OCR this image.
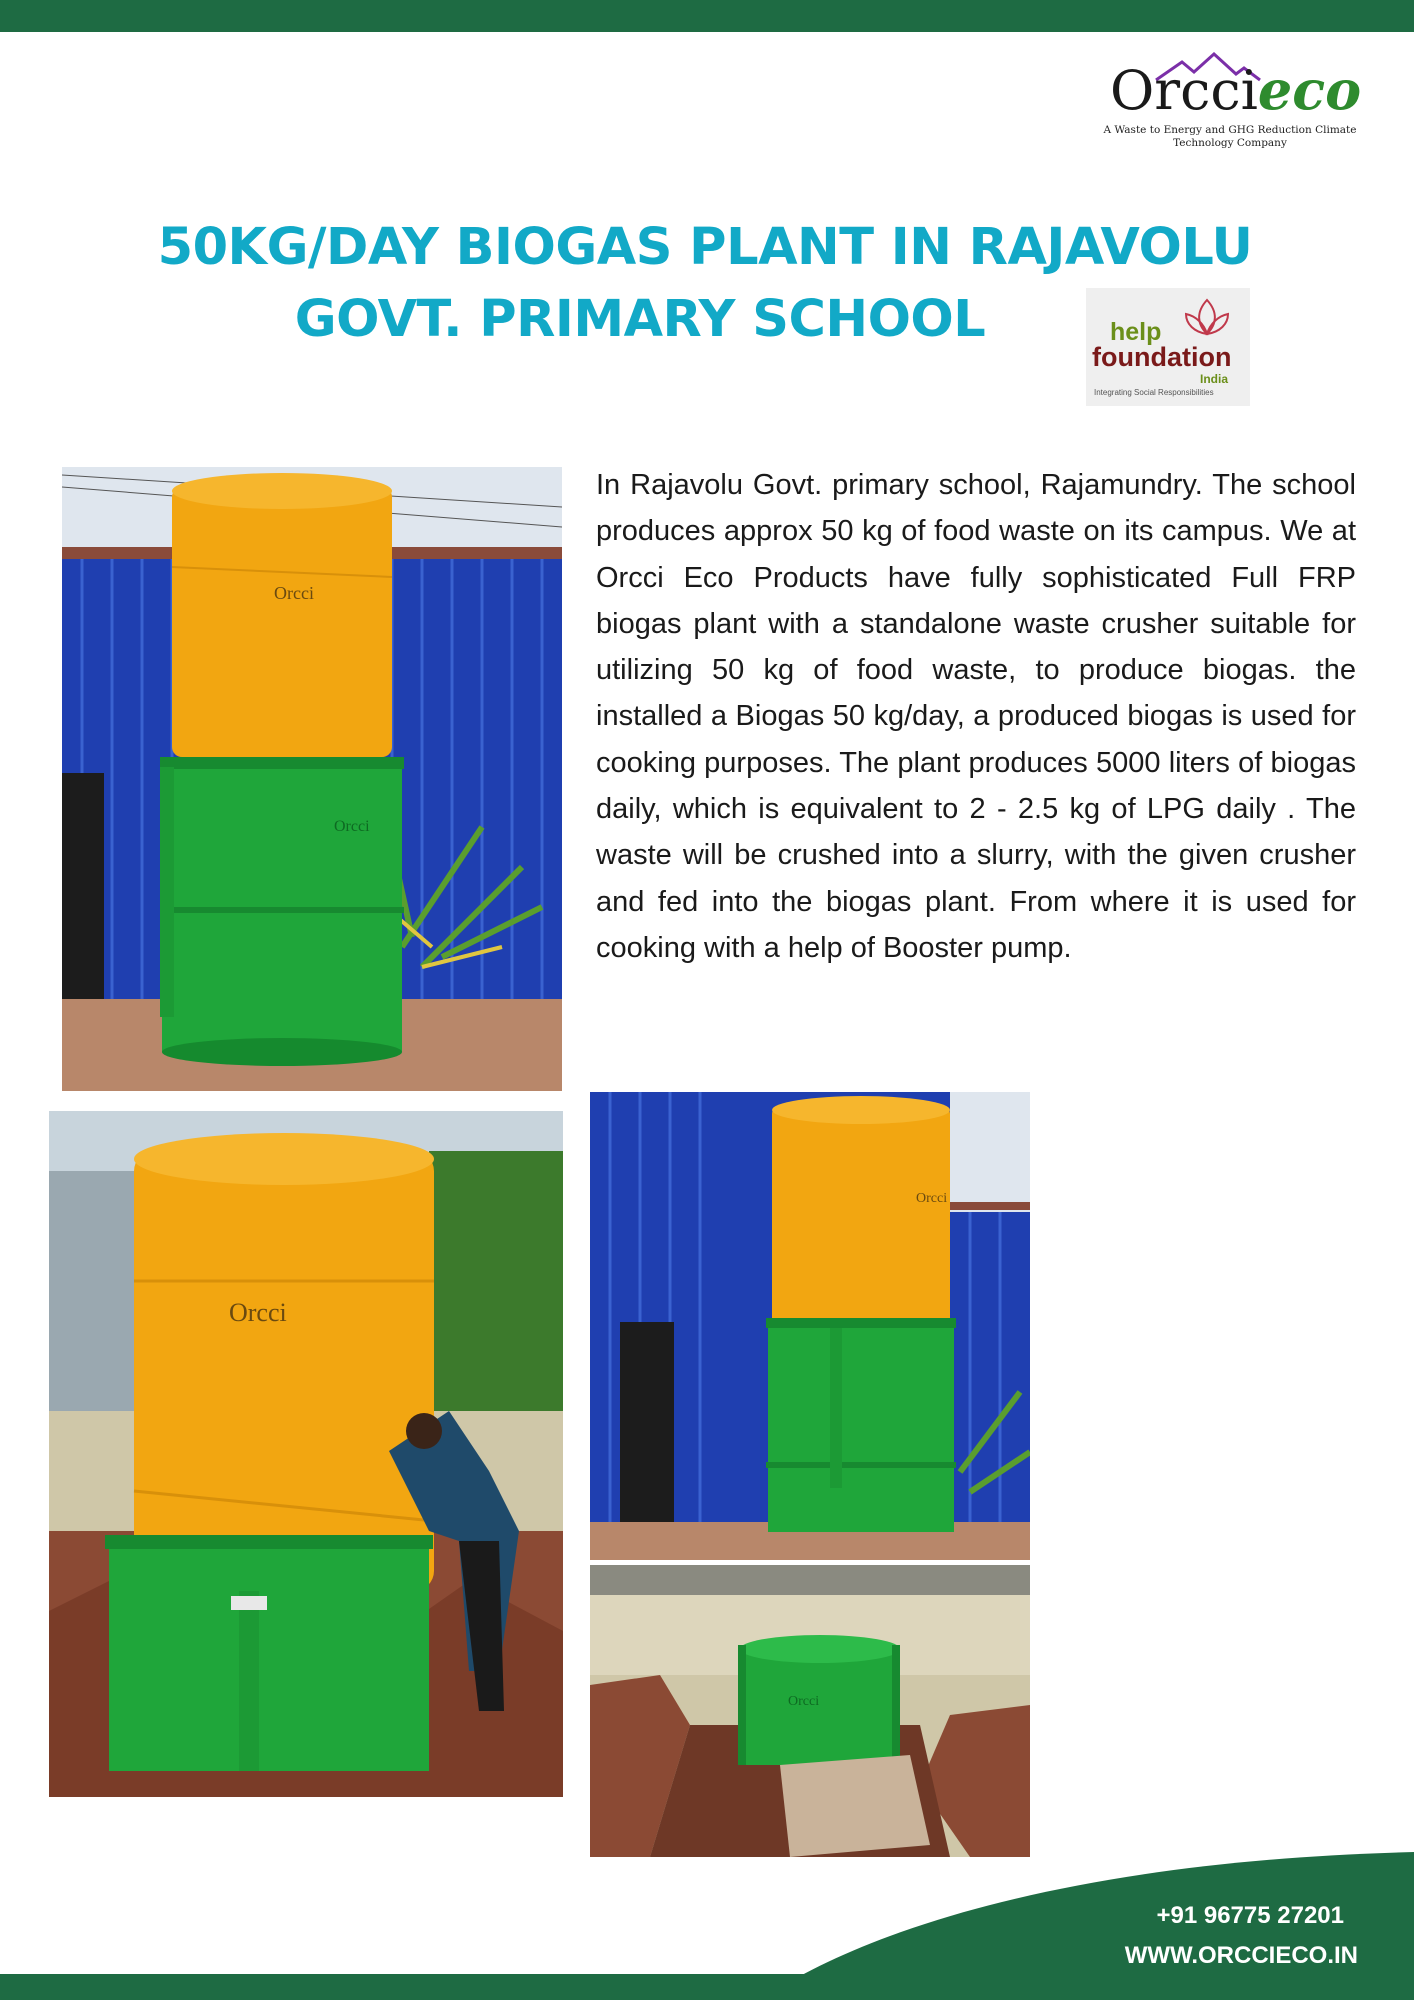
Orccieco
A Waste to Energy and GHG Reduction Climate Technology Company
50KG/DAY BIOGAS PLANT IN RAJAVOLU
GOVT. PRIMARY SCHOOL	help
foundation
India
Integrating Social Responsibilities
In Rajavolu Govt. primary school, Rajamundry. The school produces approx 50 kg of food waste on its campus. We at Orcci Eco Products have fully sophisticated Full FRP biogas plant with a standalone waste crusher suitable for utilizing 50 kg of food waste, to produce biogas. the installed a Biogas 50 kg/day, a produced biogas is used for cooking purposes. The plant produces 5000 liters of biogas daily, which is equivalent to 2 - 2.5 kg of LPG daily . The waste will be crushed into a slurry, with the given crusher and fed into the biogas plant. From where it is used for cooking with a help of Booster pump.
Orcci
Orcci
Orcci
Orcci
Orcci
+91 96775 27201
WWW.ORCCIECO.IN
